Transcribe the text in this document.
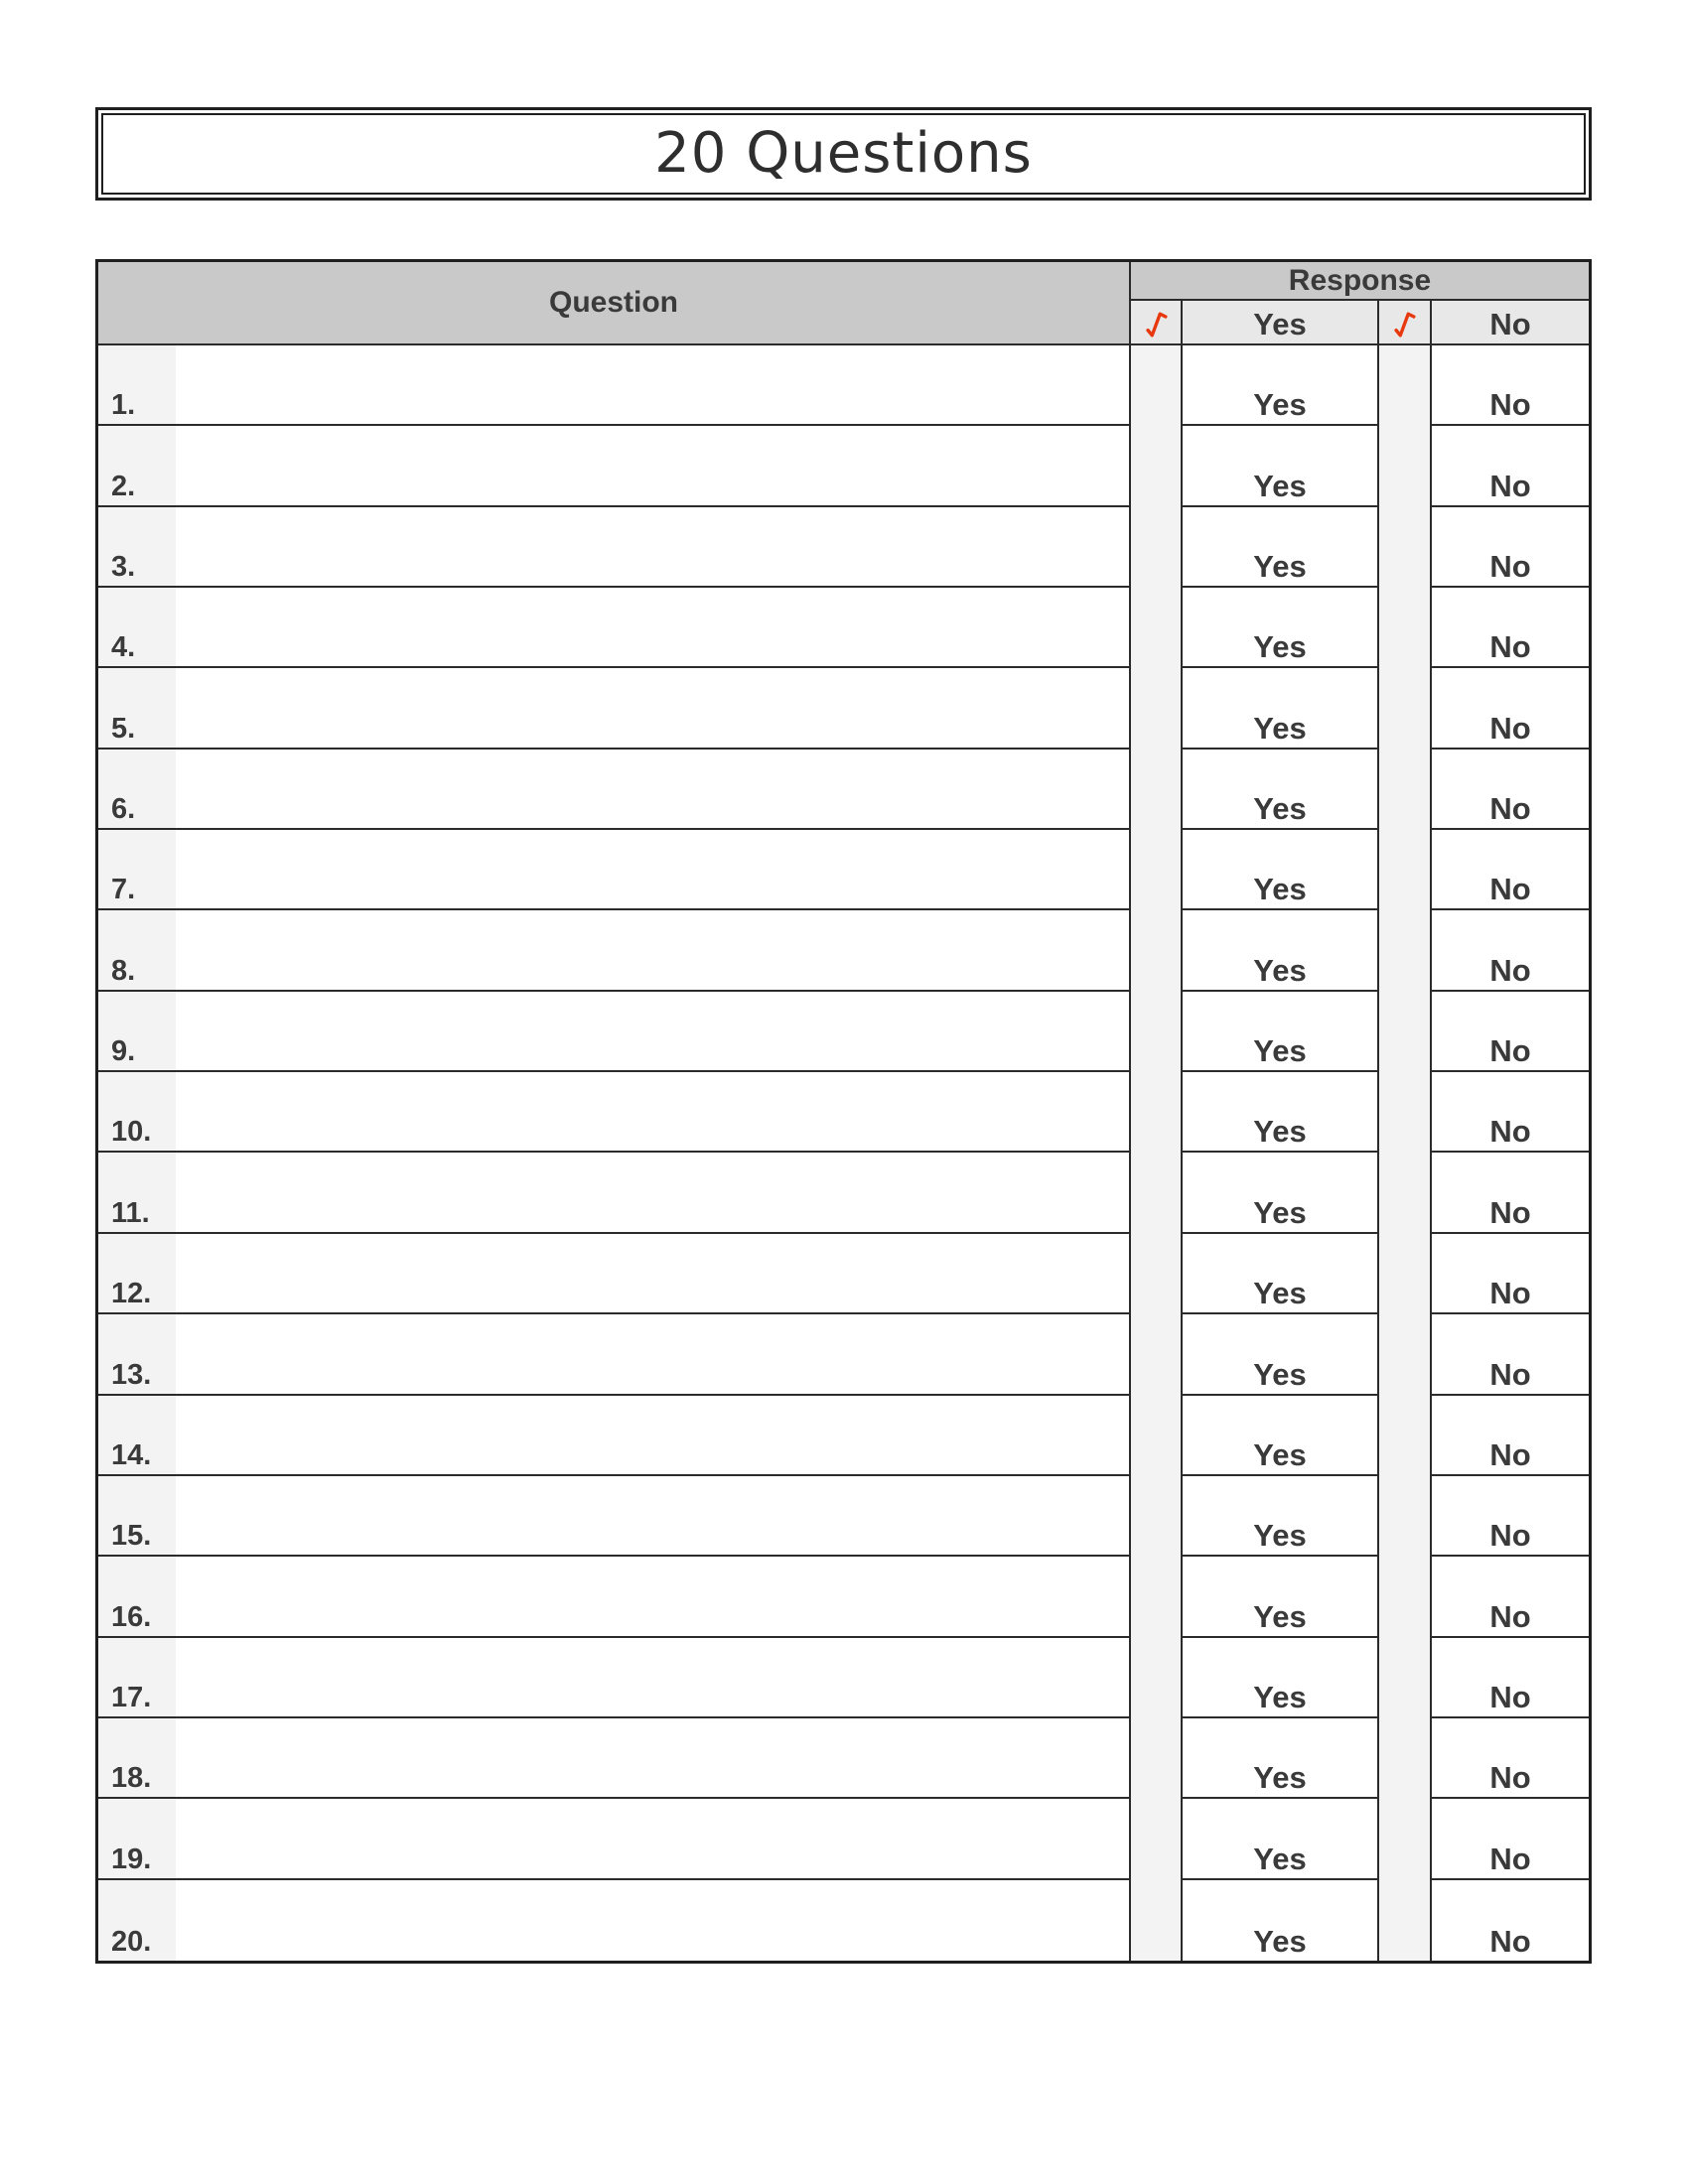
20 Questions
Question
Response
Yes	No
1.	Yes	No
2.	Yes	No
3.	Yes	No
4.	Yes	No
5.	Yes	No
6.	Yes	No
7.	Yes	No
8.	Yes	No
9.	Yes	No
10.	Yes	No
11.	Yes	No
12.	Yes	No
13.	Yes	No
14.	Yes	No
15.	Yes	No
16.	Yes	No
17.	Yes	No
18.	Yes	No
19.	Yes	No
20.	Yes	No
